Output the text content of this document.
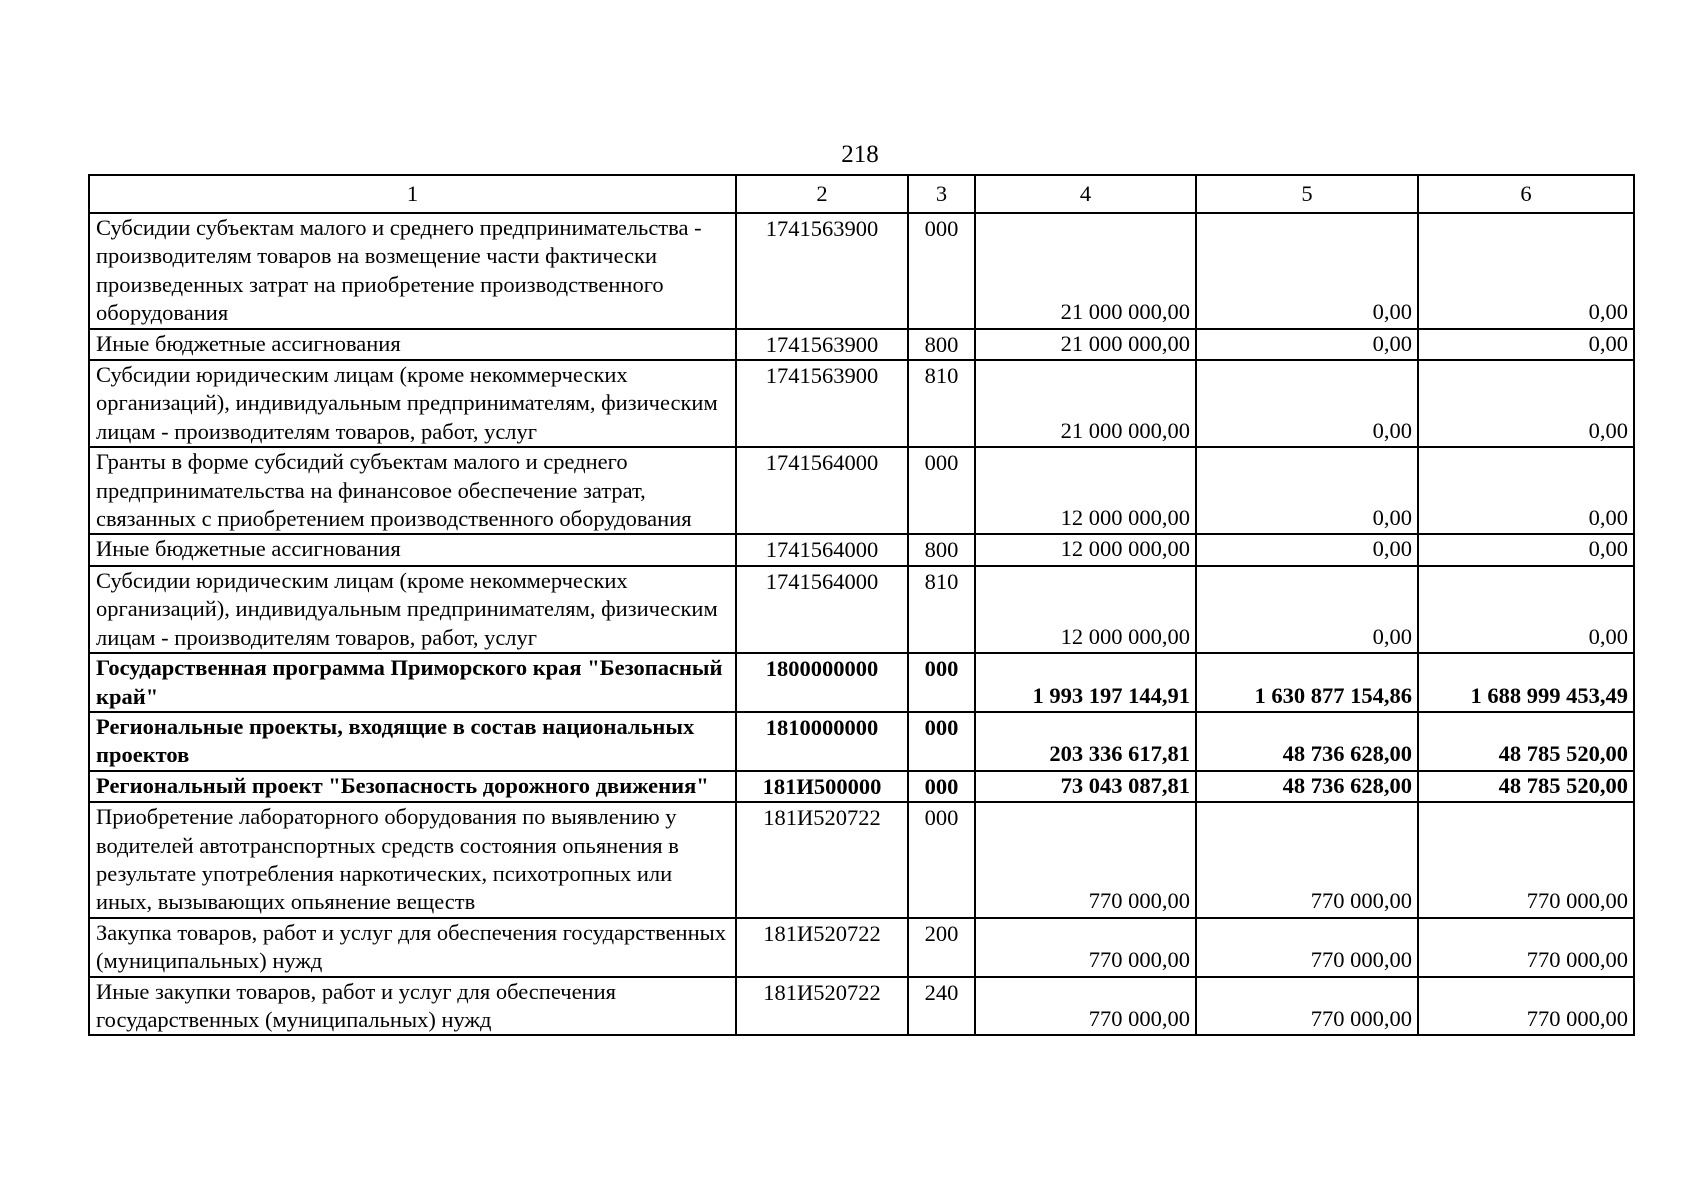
218
1	2	3	4	5	6
Субсидии субъектам малого и среднего предпринимательства - производителям товаров на возмещение части фактически произведенных затрат на приобретение производственного оборудования	1741563900	000	21 000 000,00	0,00	0,00
Иные бюджетные ассигнования	1741563900	800	21 000 000,00	0,00	0,00
Субсидии юридическим лицам (кроме некоммерческих организаций), индивидуальным предпринимателям, физическим лицам - производителям товаров, работ, услуг	1741563900	810	21 000 000,00	0,00	0,00
Гранты в форме субсидий субъектам малого и среднего предпринимательства на финансовое обеспечение затрат, связанных с приобретением производственного оборудования	1741564000	000	12 000 000,00	0,00	0,00
Иные бюджетные ассигнования	1741564000	800	12 000 000,00	0,00	0,00
Субсидии юридическим лицам (кроме некоммерческих организаций), индивидуальным предпринимателям, физическим лицам - производителям товаров, работ, услуг	1741564000	810	12 000 000,00	0,00	0,00
Государственная программа Приморского края "Безопасный край"	1800000000	000	1 993 197 144,91	1 630 877 154,86	1 688 999 453,49
Региональные проекты, входящие в состав национальных проектов	1810000000	000	203 336 617,81	48 736 628,00	48 785 520,00
Региональный проект "Безопасность дорожного движения"	181И500000	000	73 043 087,81	48 736 628,00	48 785 520,00
Приобретение лабораторного оборудования по выявлению у водителей автотранспортных средств состояния опьянения в результате употребления наркотических, психотропных или иных, вызывающих опьянение веществ	181И520722	000	770 000,00	770 000,00	770 000,00
Закупка товаров, работ и услуг для обеспечения государственных (муниципальных) нужд	181И520722	200	770 000,00	770 000,00	770 000,00
Иные закупки товаров, работ и услуг для обеспечения государственных (муниципальных) нужд	181И520722	240	770 000,00	770 000,00	770 000,00
